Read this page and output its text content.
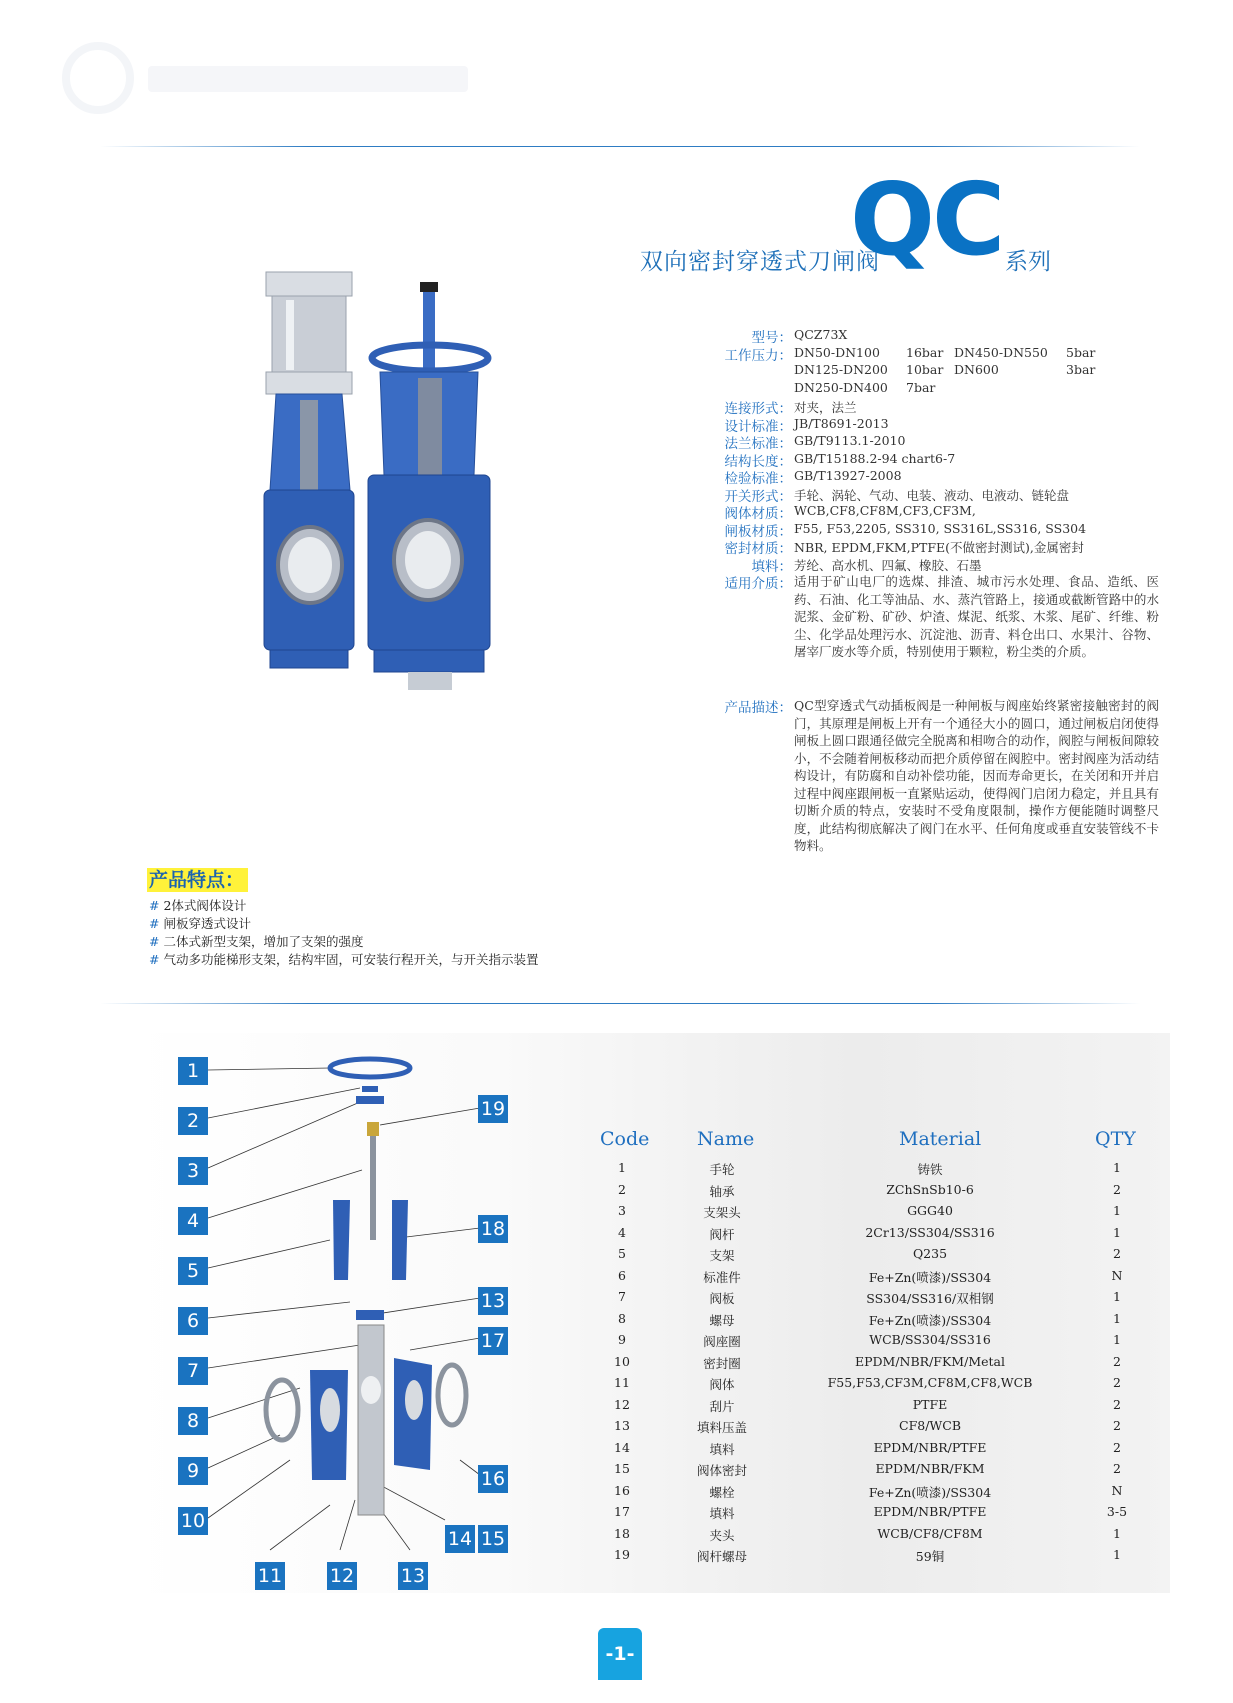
双向密封穿透式刀闸阀
QC 系列
型号： QCZ73X
工作压力： DN50-DN100 16bar
DN125-DN200 10bar
DN250-DN400 7bar
DN450-DN550 5bar
DN600	3bar
连接形式： 对夹，法兰
设计标准： JB/T8691-2013
法兰标准： GB/T9113.1-2010
结构长度： GB/T15188.2-94 chart6-7
检验标准： GB/T13927-2008
开关形式： 手轮、涡轮、气动、电装、液动、电液动、链轮盘
阀体材质： WCB,CF8,CF8M,CF3,CF3M,
闸板材质： F55, F53,2205, SS310, SS316L,SS316, SS304
密封材质： NBR, EPDM,FKM,PTFE(不做密封测试),金属密封
填料： 芳纶、高水机、四氟、橡胶、石墨
适用介质： 适用于矿山电厂的选煤、排渣、城市污水处理、食品、造纸、医药、石油、化工等油品、水、蒸汽管路上，接通或截断管路中的水泥浆、金矿粉、矿砂、炉渣、煤泥、纸浆、木浆、尾矿、纤维、粉尘、化学品处理污水、沉淀池、沥青、料仓出口、水果汁、谷物、屠宰厂废水等介质，特别使用于颗粒，粉尘类的介质。
产品描述： QC型穿透式气动插板阀是一种闸板与阀座始终紧密接触密封的阀门，其原理是闸板上开有一个通径大小的圆口，通过闸板启闭使得闸板上圆口跟通径做完全脱离和相吻合的动作，阀腔与闸板间隙较小，不会随着闸板移动而把介质停留在阀腔中。密封阀座为活动结构设计，有防腐和自动补偿功能，因而寿命更长，在关闭和开并启过程中阀座跟闸板一直紧贴运动，使得阀门启闭力稳定，并且具有切断介质的特点，安装时不受角度限制，操作方便能随时调整尺度，此结构彻底解决了阀门在水平、任何角度或垂直安装管线不卡物料。
产品特点：
# 2体式阀体设计
# 闸板穿透式设计
# 二体式新型支架，增加了支架的强度
# 气动多功能梯形支架，结构牢固，可安装行程开关，与开关指示装置
1
2
3
4
5
6
7
8
9
10
11	12 13
19
18
13
17
16
14 15
Code	Name	Material	QTY
1	手轮	铸铁	1
2	轴承	ZChSnSb10-6	2
3	支架头	GGG40	1
4	阀杆	2Cr13/SS304/SS316	1
5	支架	Q235	2
6	标准件	Fe+Zn(喷漆)/SS304	N
7	阀板	SS304/SS316/双相钢	1
8	螺母	Fe+Zn(喷漆)/SS304	1
9	阀座圈	WCB/SS304/SS316	1
10	密封圈	EPDM/NBR/FKM/Metal	2
11	阀体	F55,F53,CF3M,CF8M,CF8,WCB	2
12	刮片	PTFE	2
13	填料压盖	CF8/WCB	2
14	填料	EPDM/NBR/PTFE	2
15	阀体密封	EPDM/NBR/FKM	2
16	螺栓	Fe+Zn(喷漆)/SS304	N
17	填料	EPDM/NBR/PTFE	3-5
18	夹头	WCB/CF8/CF8M	1
19	阀杆螺母	59铜	1
-1-
